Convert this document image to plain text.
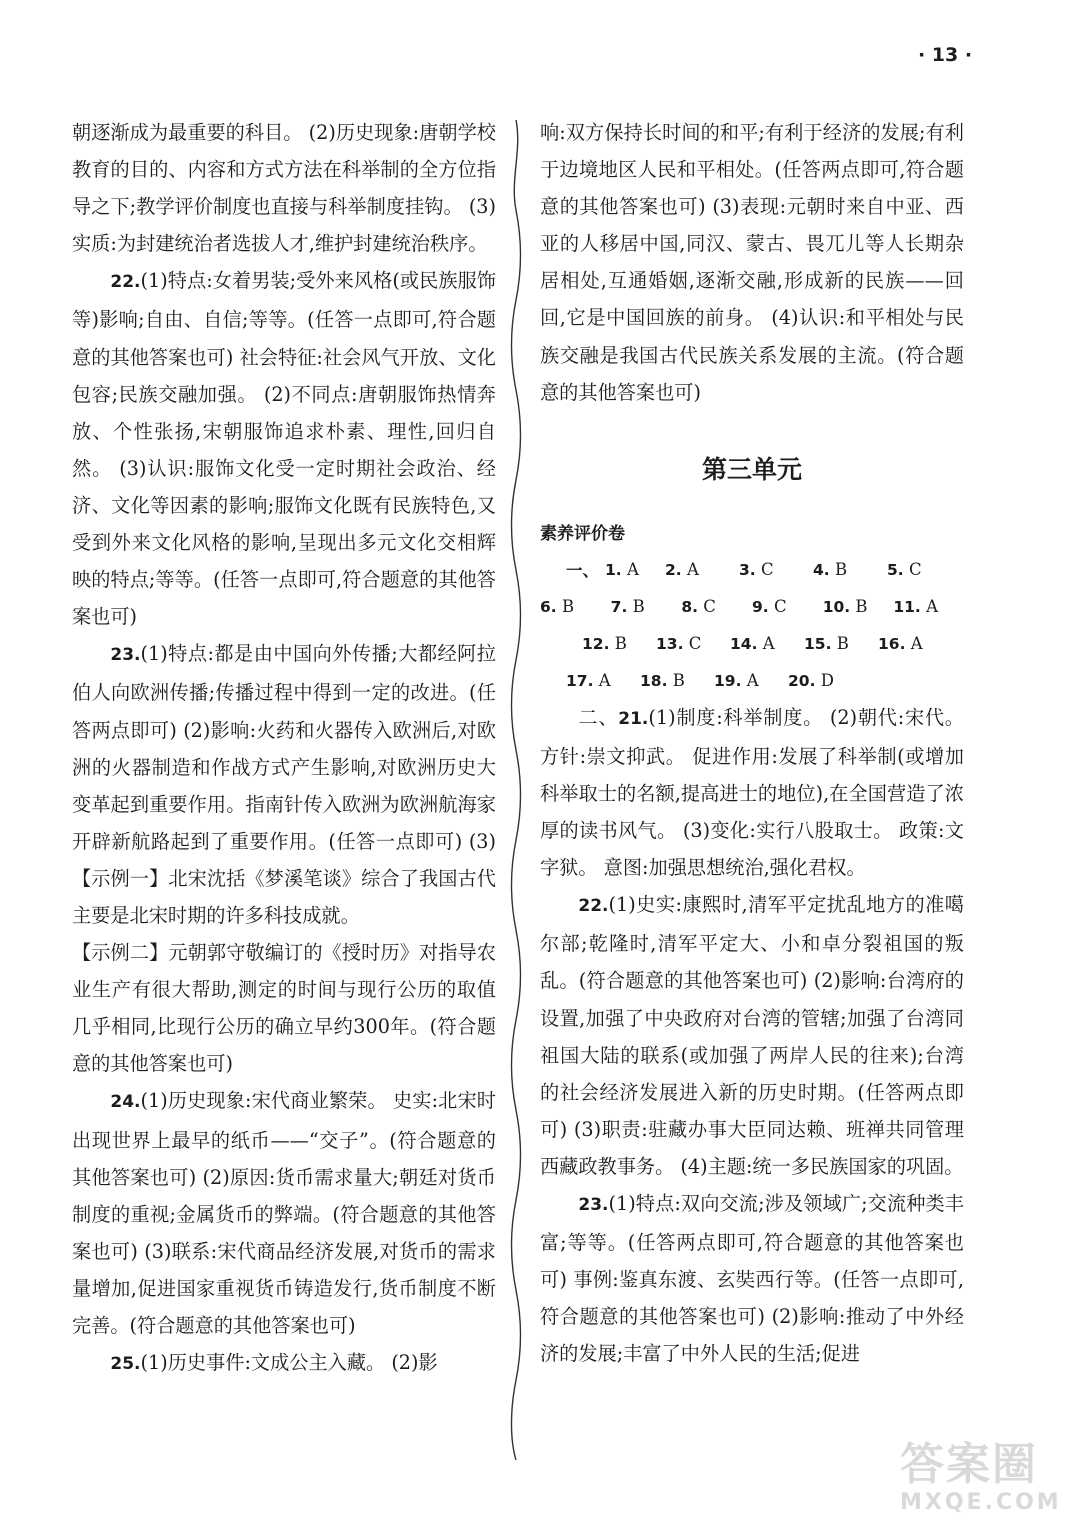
· 13 ·

朝逐渐成为最重要的科目。 (2)历史现象:唐朝学校教育的目的、内容和方式方法在科举制的全方位指导之下;教学评价制度也直接与科举制度挂钩。 (3)实质:为封建统治者选拔人才,维护封建统治秩序。

22.(1)特点:女着男装;受外来风格(或民族服饰等)影响;自由、自信;等等。(任答一点即可,符合题意的其他答案也可) 社会特征:社会风气开放、文化包容;民族交融加强。 (2)不同点:唐朝服饰热情奔放、个性张扬,宋朝服饰追求朴素、理性,回归自然。 (3)认识:服饰文化受一定时期社会政治、经济、文化等因素的影响;服饰文化既有民族特色,又受到外来文化风格的影响,呈现出多元文化交相辉映的特点;等等。(任答一点即可,符合题意的其他答案也可)

23.(1)特点:都是由中国向外传播;大都经阿拉伯人向欧洲传播;传播过程中得到一定的改进。(任答两点即可) (2)影响:火药和火器传入欧洲后,对欧洲的火器制造和作战方式产生影响,对欧洲历史大变革起到重要作用。指南针传入欧洲为欧洲航海家开辟新航路起到了重要作用。(任答一点即可) (3)【示例一】北宋沈括《梦溪笔谈》综合了我国古代主要是北宋时期的许多科技成就。

【示例二】元朝郭守敬编订的《授时历》对指导农业生产有很大帮助,测定的时间与现行公历的取值几乎相同,比现行公历的确立早约300年。(符合题意的其他答案也可)

24.(1)历史现象:宋代商业繁荣。 史实:北宋时出现世界上最早的纸币——“交子”。(符合题意的其他答案也可) (2)原因:货币需求量大;朝廷对货币制度的重视;金属货币的弊端。(符合题意的其他答案也可) (3)联系:宋代商品经济发展,对货币的需求量增加,促进国家重视货币铸造发行,货币制度不断完善。(符合题意的其他答案也可)

25.(1)历史事件:文成公主入藏。 (2)影

响:双方保持长时间的和平;有利于经济的发展;有利于边境地区人民和平相处。(任答两点即可,符合题意的其他答案也可) (3)表现:元朝时来自中亚、西亚的人移居中国,同汉、蒙古、畏兀儿等人长期杂居相处,互通婚姻,逐渐交融,形成新的民族——回回,它是中国回族的前身。 (4)认识:和平相处与民族交融是我国古代民族关系发展的主流。(符合题意的其他答案也可)

第三单元

素养评价卷

一、 1. A	2. A	3. C	4. B	5. C
6. B	7. B	8. C	9. C	10. B	11. A
12. B	13. C	14. A	15. B	16. A
17. A	18. B	19. A	20. D

二、21.(1)制度:科举制度。 (2)朝代:宋代。 方针:崇文抑武。 促进作用:发展了科举制(或增加科举取士的名额,提高进士的地位),在全国营造了浓厚的读书风气。 (3)变化:实行八股取士。 政策:文字狱。 意图:加强思想统治,强化君权。

22.(1)史实:康熙时,清军平定扰乱地方的准噶尔部;乾隆时,清军平定大、小和卓分裂祖国的叛乱。(符合题意的其他答案也可) (2)影响:台湾府的设置,加强了中央政府对台湾的管辖;加强了台湾同祖国大陆的联系(或加强了两岸人民的往来);台湾的社会经济发展进入新的历史时期。(任答两点即可) (3)职责:驻藏办事大臣同达赖、班禅共同管理西藏政教事务。 (4)主题:统一多民族国家的巩固。

23.(1)特点:双向交流;涉及领域广;交流种类丰富;等等。(任答两点即可,符合题意的其他答案也可) 事例:鉴真东渡、玄奘西行等。(任答一点即可,符合题意的其他答案也可) (2)影响:推动了中外经济的发展;丰富了中外人民的生活;促进

答案圈
MXQE.COM
